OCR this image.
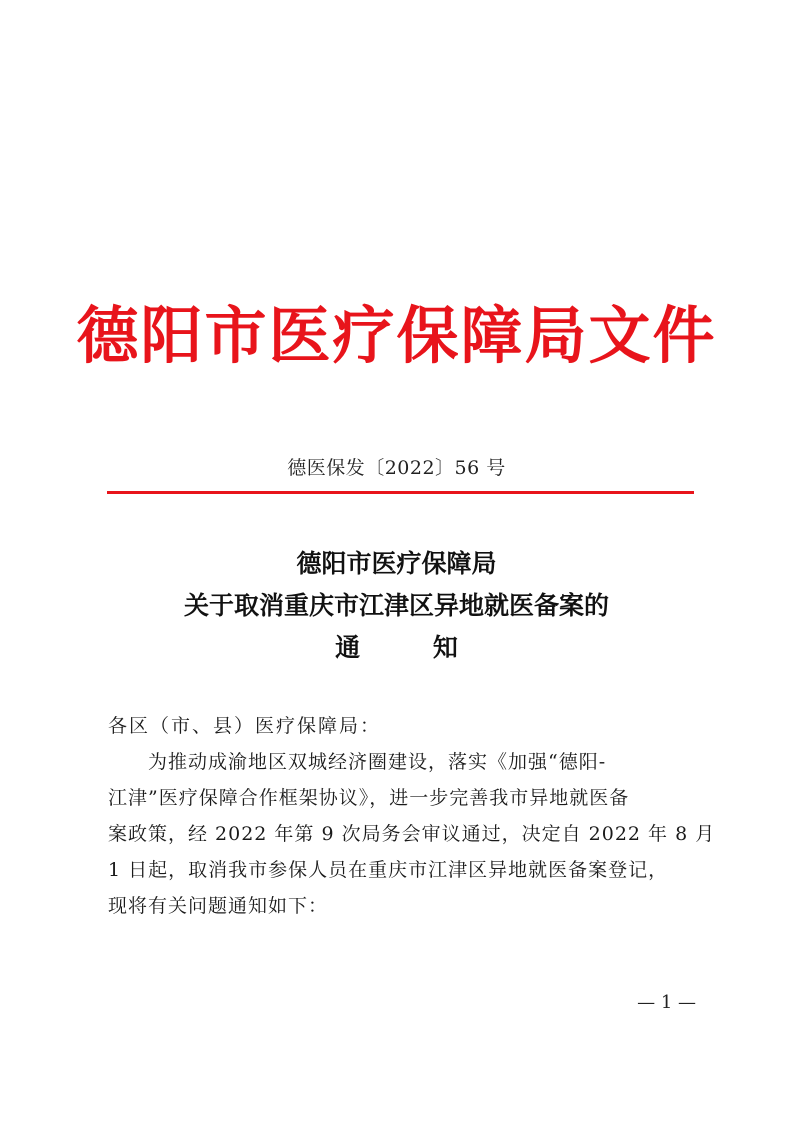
德阳市医疗保障局文件
德医保发〔2022〕56 号
德阳市医疗保障局
关于取消重庆市江津区异地就医备案的
通 知
各区（市、县）医疗保障局：
为推动成渝地区双城经济圈建设，落实《加强“德阳-
江津”医疗保障合作框架协议》，进一步完善我市异地就医备
案政策，经 2022 年第 9 次局务会审议通过，决定自 2022 年 8 月
1 日起，取消我市参保人员在重庆市江津区异地就医备案登记，
现将有关问题通知如下：
— 1 —
